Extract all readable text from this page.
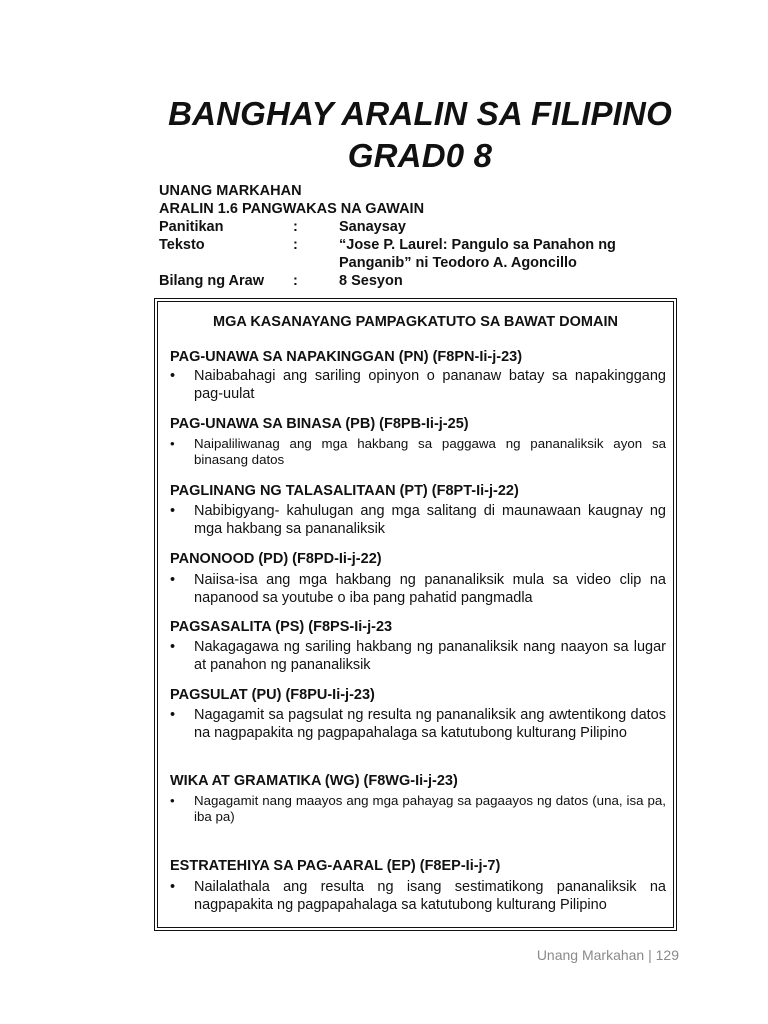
BANGHAY ARALIN SA FILIPINO
GRAD0 8
UNANG MARKAHAN
ARALIN 1.6 PANGWAKAS NA GAWAIN
Panitikan	:	Sanaysay
Teksto	:	“Jose P. Laurel: Pangulo sa Panahon ng
Panganib” ni Teodoro A. Agoncillo
Bilang ng Araw :	8 Sesyon
MGA KASANAYANG PAMPAGKATUTO SA BAWAT DOMAIN
PAG-UNAWA SA NAPAKINGGAN (PN) (F8PN-Ii-j-23)
• Naibabahagi ang sariling opinyon o pananaw batay sa napakinggang pag-uulat
PAG-UNAWA SA BINASA (PB) (F8PB-Ii-j-25)
• Naipaliliwanag ang mga hakbang sa paggawa ng pananaliksik ayon sa binasang datos
PAGLINANG NG TALASALITAAN (PT) (F8PT-Ii-j-22)
• Nabibigyang- kahulugan ang mga salitang di maunawaan kaugnay ng mga hakbang sa pananaliksik
PANONOOD (PD) (F8PD-Ii-j-22)
• Naiisa-isa ang mga hakbang ng pananaliksik mula sa video clip na napanood sa youtube o iba pang pahatid pangmadla
PAGSASALITA (PS) (F8PS-Ii-j-23
• Nakagagawa ng sariling hakbang ng pananaliksik nang naayon sa lugar at panahon ng pananaliksik
PAGSULAT (PU) (F8PU-Ii-j-23)
• Nagagamit sa pagsulat ng resulta ng pananaliksik ang awtentikong datos na nagpapakita ng pagpapahalaga sa katutubong kulturang Pilipino
WIKA AT GRAMATIKA (WG) (F8WG-Ii-j-23)
• Nagagamit nang maayos ang mga pahayag sa pagaayos ng datos (una, isa pa, iba pa)
ESTRATEHIYA SA PAG-AARAL (EP) (F8EP-Ii-j-7)
• Nailalathala ang resulta ng isang sestimatikong pananaliksik na nagpapakita ng pagpapahalaga sa katutubong kulturang Pilipino
Unang Markahan | 129
